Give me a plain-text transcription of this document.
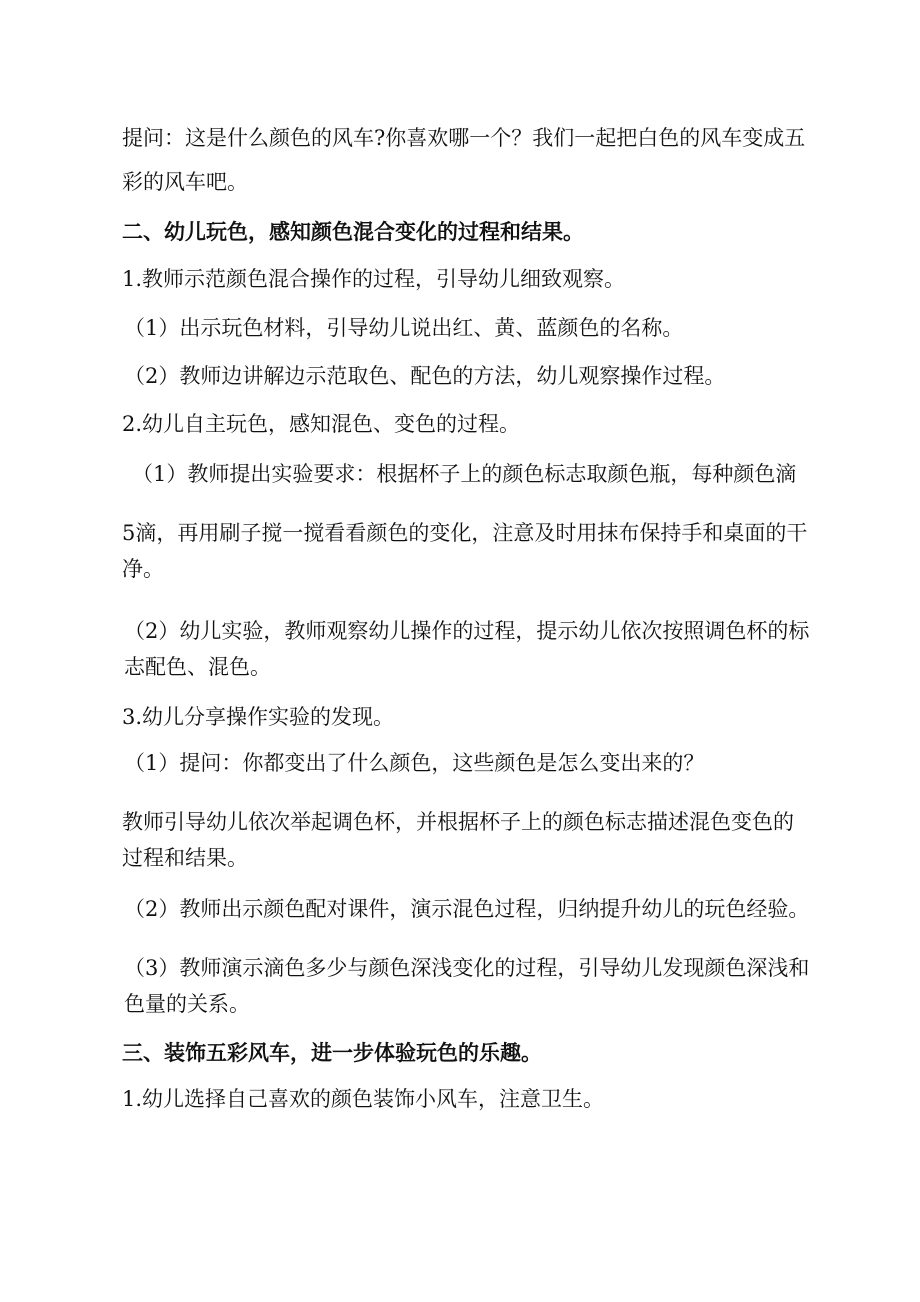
提问：这是什么颜色的风车?你喜欢哪一个？我们一起把白色的风车变成五彩的风车吧。

二、幼儿玩色，感知颜色混合变化的过程和结果。

1.教师示范颜色混合操作的过程，引导幼儿细致观察。

（1）出示玩色材料，引导幼儿说出红、黄、蓝颜色的名称。

（2）教师边讲解边示范取色、配色的方法，幼儿观察操作过程。

2.幼儿自主玩色，感知混色、变色的过程。

（1）教师提出实验要求：根据杯子上的颜色标志取颜色瓶，每种颜色滴

5滴，再用刷子搅一搅看看颜色的变化，注意及时用抹布保持手和桌面的干净。

（2）幼儿实验，教师观察幼儿操作的过程，提示幼儿依次按照调色杯的标志配色、混色。

3.幼儿分享操作实验的发现。

（1）提问：你都变出了什么颜色，这些颜色是怎么变出来的？

教师引导幼儿依次举起调色杯，并根据杯子上的颜色标志描述混色变色的过程和结果。

（2）教师出示颜色配对课件，演示混色过程，归纳提升幼儿的玩色经验。

（3）教师演示滴色多少与颜色深浅变化的过程，引导幼儿发现颜色深浅和色量的关系。

三、装饰五彩风车，进一步体验玩色的乐趣。

1.幼儿选择自己喜欢的颜色装饰小风车，注意卫生。
